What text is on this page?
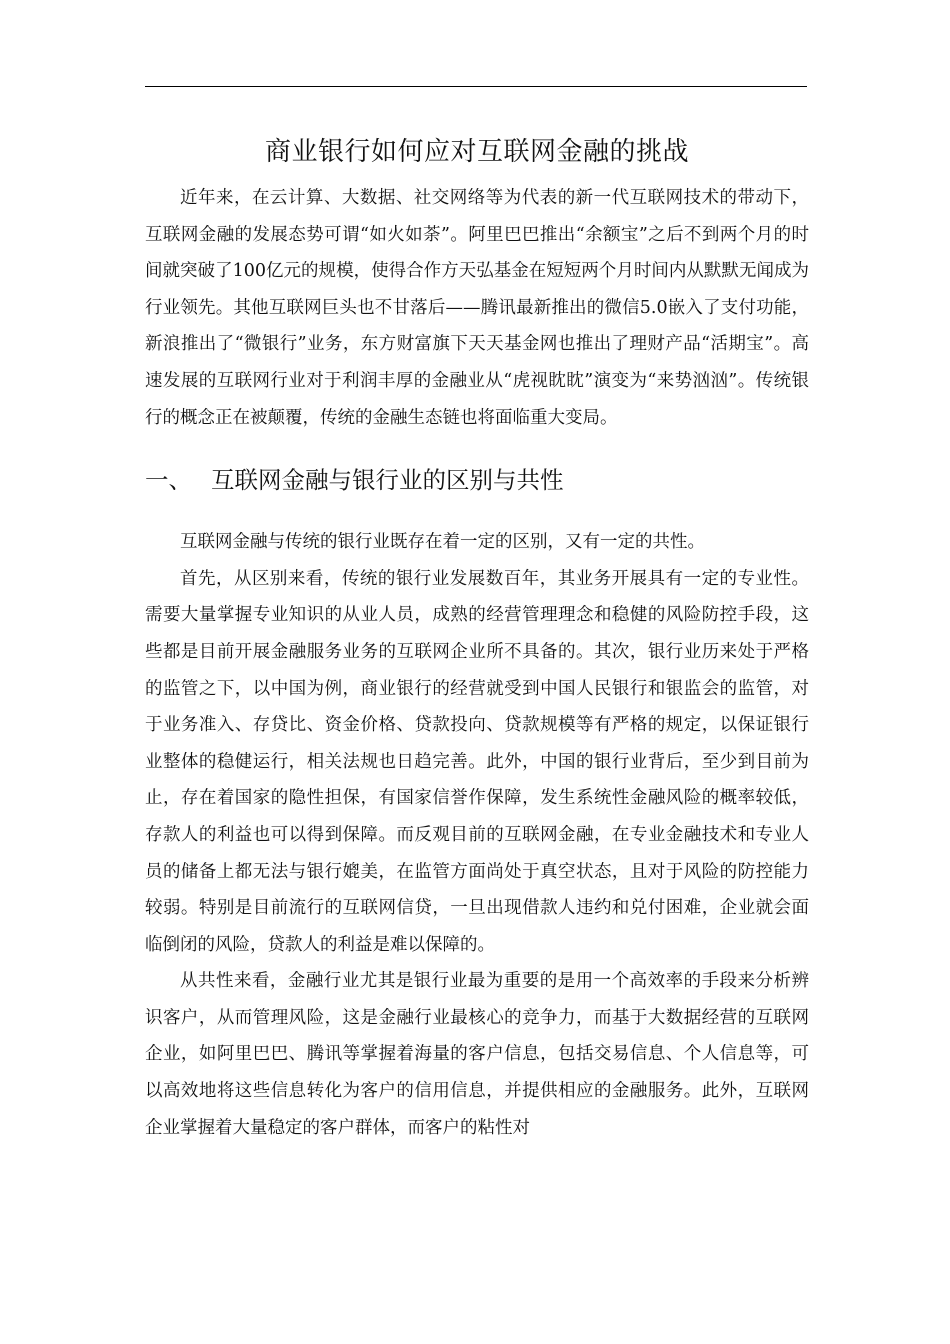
商业银行如何应对互联网金融的挑战

近年来，在云计算、大数据、社交网络等为代表的新一代互联网技术的带动下，互联网金融的发展态势可谓“如火如荼”。阿里巴巴推出“余额宝”之后不到两个月的时间就突破了100亿元的规模，使得合作方天弘基金在短短两个月时间内从默默无闻成为行业领先。其他互联网巨头也不甘落后——腾讯最新推出的微信5.0嵌入了支付功能，新浪推出了“微银行”业务，东方财富旗下天天基金网也推出了理财产品“活期宝”。高速发展的互联网行业对于利润丰厚的金融业从“虎视眈眈”演变为“来势汹汹”。传统银行的概念正在被颠覆，传统的金融生态链也将面临重大变局。

一、 互联网金融与银行业的区别与共性

互联网金融与传统的银行业既存在着一定的区别，又有一定的共性。

首先，从区别来看，传统的银行业发展数百年，其业务开展具有一定的专业性。需要大量掌握专业知识的从业人员，成熟的经营管理理念和稳健的风险防控手段，这些都是目前开展金融服务业务的互联网企业所不具备的。其次，银行业历来处于严格的监管之下，以中国为例，商业银行的经营就受到中国人民银行和银监会的监管，对于业务准入、存贷比、资金价格、贷款投向、贷款规模等有严格的规定，以保证银行业整体的稳健运行，相关法规也日趋完善。此外，中国的银行业背后，至少到目前为止，存在着国家的隐性担保，有国家信誉作保障，发生系统性金融风险的概率较低，存款人的利益也可以得到保障。而反观目前的互联网金融，在专业金融技术和专业人员的储备上都无法与银行媲美，在监管方面尚处于真空状态，且对于风险的防控能力较弱。特别是目前流行的互联网信贷，一旦出现借款人违约和兑付困难，企业就会面临倒闭的风险，贷款人的利益是难以保障的。

从共性来看，金融行业尤其是银行业最为重要的是用一个高效率的手段来分析辨识客户，从而管理风险，这是金融行业最核心的竞争力，而基于大数据经营的互联网企业，如阿里巴巴、腾讯等掌握着海量的客户信息，包括交易信息、个人信息等，可以高效地将这些信息转化为客户的信用信息，并提供相应的金融服务。此外，互联网企业掌握着大量稳定的客户群体，而客户的粘性对
